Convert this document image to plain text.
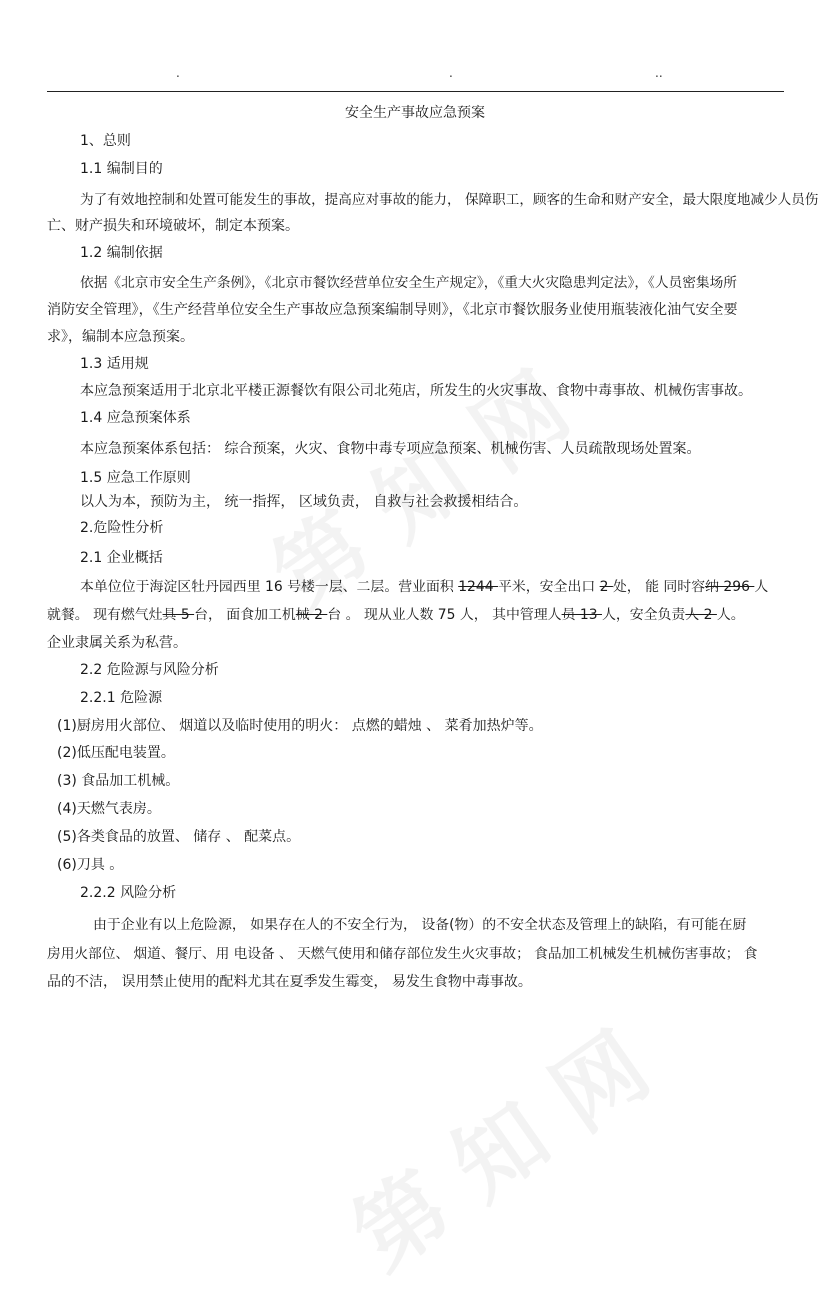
.	.	..
安全生产事故应急预案
1、总则
1.1 编制目的
为了有效地控制和处置可能发生的事故，提高应对事故的能力， 保障职工，顾客的生命和财产安全，最大限度地减少人员伤
亡、财产损失和环境破坏，制定本预案。
1.2 编制依据
依据《北京市安全生产条例》，《北京市餐饮经营单位安全生产规定》，《重大火灾隐患判定法》，《人员密集场所
消防安全管理》，《生产经营单位安全生产事故应急预案编制导则》，《北京市餐饮服务业使用瓶装液化油气安全要
求》，编制本应急预案。
1.3 适用规
本应急预案适用于北京北平楼正源餐饮有限公司北苑店，所发生的火灾事故、食物中毒事故、机械伤害事故。
1.4 应急预案体系
本应急预案体系包括： 综合预案，火灾、食物中毒专项应急预案、机械伤害、人员疏散现场处置案。
1.5 应急工作原则
以人为本，预防为主， 统一指挥， 区域负责， 自救与社会救援相结合。
2.危险性分析
2.1 企业概括
本单位位于海淀区牡丹园西里 16 号楼一层、二层。营业面积 1244 平米，安全出口 2 处， 能 同时容纳 296 人
就餐。 现有燃气灶具 5 台， 面食加工机械 2 台 。 现从业人数 75 人， 其中管理人员 13 人，安全负责人 2 人。
企业隶属关系为私营。
2.2 危险源与风险分析
2.2.1 危险源
(1)厨房用火部位、 烟道以及临时使用的明火： 点燃的蜡烛 、 菜肴加热炉等。
(2)低压配电装置。
(3) 食品加工机械。
(4)天燃气表房。
(5)各类食品的放置、 储存 、 配菜点。
(6)刀具 。
2.2.2 风险分析
由于企业有以上危险源， 如果存在人的不安全行为， 设备(物）的不安全状态及管理上的缺陷，有可能在厨
房用火部位、 烟道、餐厅、用 电设备 、 天燃气使用和储存部位发生火灾事故； 食品加工机械发生机械伤害事故； 食
品的不洁， 误用禁止使用的配料尤其在夏季发生霉变， 易发生食物中毒事故。
